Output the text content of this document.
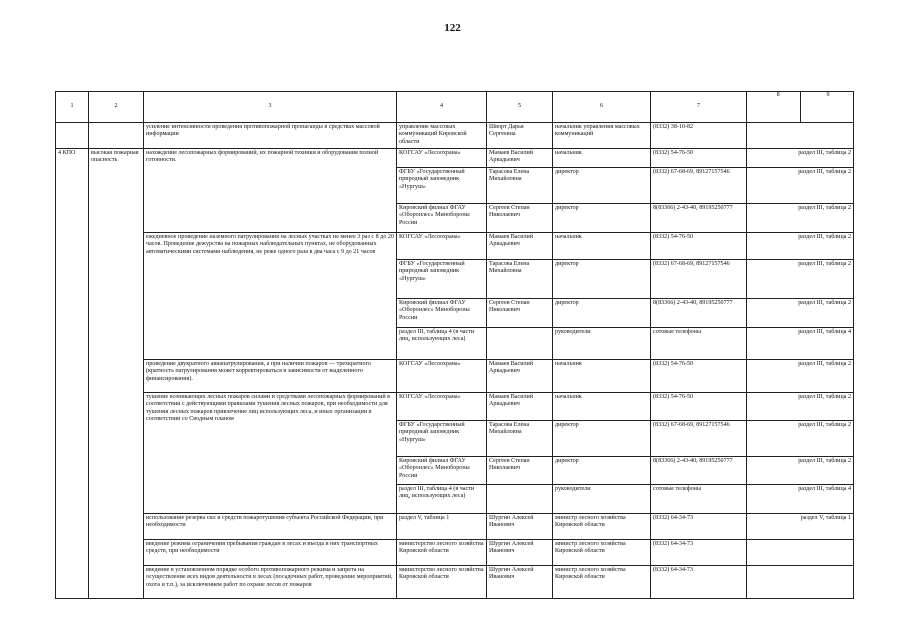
122
1	2	3	4	5	6	7	8 9

		усиление интенсивности проведения противопожарной пропаганды в средствах массовой информации	управление массовых коммуникаций Кировской области	Шворт Дарья Сергеевна	начальник управления массовых коммуникаций	(8332) 38-10-82	
4 КПО	высокая пожарная опасность	нахождение лесопожарных формирований, их пожарной техники и оборудования полной готовности.	КОГСАУ «Лесоохрана»	Мамаев Василий Аркадьевич	начальник	(8332) 54-76-50	раздел III, таблица 2
			ФГБУ «Государственный природный заповедник «Нургуш»	Тарасова Елена Михайловна	директор	(8332) 67-68-69, 89127157546	раздел III, таблица 2
			Кировский филиал ФГАУ «Оборонлес» Минобороны России	Сергеев Степан Николаевич	директор	8(83366) 2-43-40, 89195250777	раздел III, таблица 2
		ежедневное проведение наземного патрулирования на лесных участках не менее 3 раз с 8 до 20 часов. Проведение дежурства на пожарных наблюдательных пунктах, не оборудованных автоматическими системами наблюдения, не реже одного раза в два часа с 9 до 21 часов	КОГСАУ «Лесоохрана»	Мамаев Василий Аркадьевич	начальник	(8332) 54-76-50	раздел III, таблица 2
			ФГБУ «Государственный природный заповедник «Нургуш»	Тарасова Елена Михайловна	директор	(8332) 67-68-69, 89127157546	раздел III, таблица 2
			Кировский филиал ФГАУ «Оборонлес» Минобороны России	Сергеев Степан Николаевич	директор	8(83366) 2-43-40, 89195250777	раздел III, таблица 2
			раздел III, таблица 4 (в части лиц, использующих леса)		руководители	сотовые телефоны	раздел III, таблица 4
		проведение двукратного авиапатрулирования, а при наличии пожаров — трехкратного (кратность патрулирования может корректироваться в зависимости от выделенного финансирования).	КОГСАУ «Лесоохрана»	Мамаев Василий Аркадьевич	начальник	(8332) 54-76-50	раздел III, таблица 2
		тушение возникающих лесных пожаров силами и средствами лесопожарных формирований в соответствии с действующими правилами тушения лесных пожаров, при необходимости для тушения лесных пожаров привлечение лиц использующих леса, и иных организации в соответствии со Сводным планом	КОГСАУ «Лесоохрана»	Мамаев Василий Аркадьевич	начальник	(8332) 54-76-50	раздел III, таблица 2
			ФГБУ «Государственный природный заповедник «Нургуш»	Тарасова Елена Михайловна	директор	(8332) 67-68-69, 89127157546	раздел III, таблица 2
			Кировский филиал ФГАУ «Оборонлес» Минобороны России	Сергеев Степан Николаевич	директор	8(83366) 2-43-40, 89195250777	раздел III, таблица 2
			раздел III, таблица 4 (в части лиц, использующих леса)		руководители	сотовые телефоны	раздел III, таблица 4
		использование резерва сил и средств пожаротушения субъекта Российской Федерации, при необходимости	раздел V, таблица 1	Шургин Алексей Иванович	министр лесного хозяйства Кировской области	(8332) 64-34-73	раздел V, таблица 1
		введение режима ограничения пребывания граждан в лесах и въезда в них транспортных средств, при необходимости	министерство лесного хозяйства Кировской области	Шургин Алексей Иванович	министр лесного хозяйства Кировской области	(8332) 64-34-73	
		введение в установленном порядке особого противопожарного режима и запрета на осуществление всех видов деятельности в лесах (посадочных работ, проведение мероприятий, охота и т.п.), за исключением работ по охране лесов от пожаров	министерство лесного хозяйства Кировской области	Шургин Алексей Иванович	министр лесного хозяйства Кировской области	(8332) 64-34-73	
